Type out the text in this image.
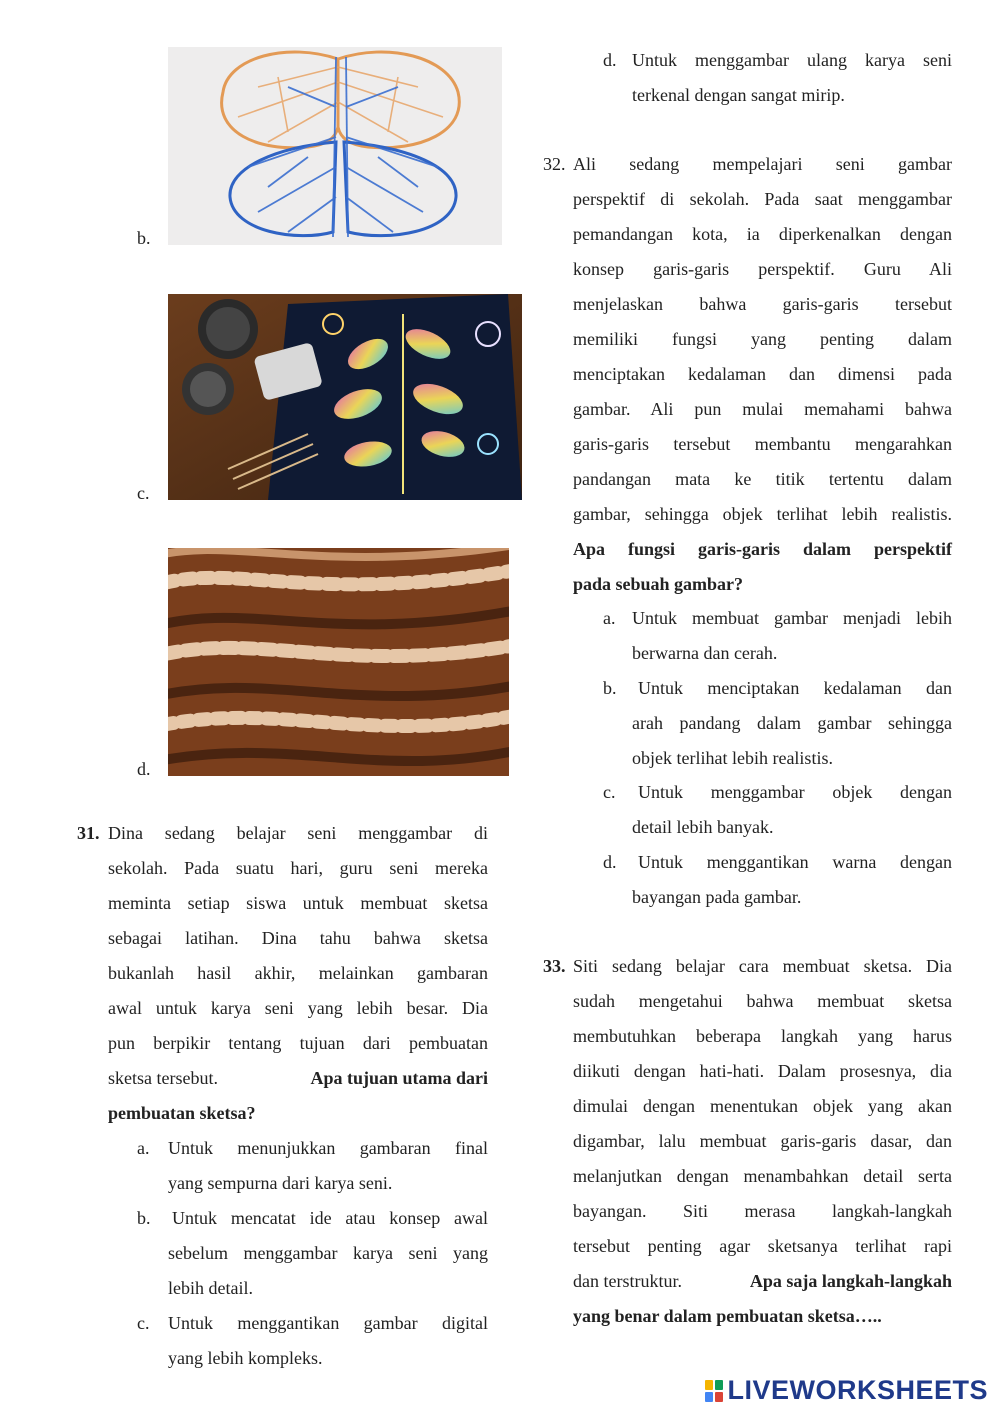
b.
c.
d.
31. Dina sedang belajar seni menggambar di
sekolah. Pada suatu hari, guru seni mereka
meminta setiap siswa untuk membuat sketsa
sebagai latihan. Dina tahu bahwa sketsa
bukanlah hasil akhir, melainkan gambaran
awal untuk karya seni yang lebih besar. Dia
pun berpikir tentang tujuan dari pembuatan
sketsa tersebut.	Apa tujuan utama dari
pembuatan sketsa?
a. Untuk menunjukkan gambaran final
yang sempurna dari karya seni.
b. Untuk mencatat ide atau konsep awal
sebelum menggambar karya seni yang
lebih detail.
c. Untuk menggantikan gambar digital
yang lebih kompleks.
d. Untuk menggambar ulang karya seni
terkenal dengan sangat mirip.
32. Ali sedang mempelajari seni gambar
perspektif di sekolah. Pada saat menggambar
pemandangan kota, ia diperkenalkan dengan
konsep garis-garis perspektif. Guru Ali
menjelaskan bahwa garis-garis tersebut
memiliki fungsi yang penting dalam
menciptakan kedalaman dan dimensi pada
gambar. Ali pun mulai memahami bahwa
garis-garis tersebut membantu mengarahkan
pandangan mata ke titik tertentu dalam
gambar, sehingga objek terlihat lebih realistis.
Apa fungsi garis-garis dalam perspektif
pada sebuah gambar?
a. Untuk membuat gambar menjadi lebih
berwarna dan cerah.
b. Untuk menciptakan kedalaman dan
arah pandang dalam gambar sehingga
objek terlihat lebih realistis.
c. Untuk menggambar objek dengan
detail lebih banyak.
d. Untuk menggantikan warna dengan
bayangan pada gambar.
33. Siti sedang belajar cara membuat sketsa. Dia
sudah mengetahui bahwa membuat sketsa
membutuhkan beberapa langkah yang harus
diikuti dengan hati-hati. Dalam prosesnya, dia
dimulai dengan menentukan objek yang akan
digambar, lalu membuat garis-garis dasar, dan
melanjutkan dengan menambahkan detail serta
bayangan. Siti merasa langkah-langkah
tersebut penting agar sketsanya terlihat rapi
dan terstruktur.	Apa saja langkah-langkah
yang benar dalam pembuatan sketsa…..
LIVEWORKSHEETS
